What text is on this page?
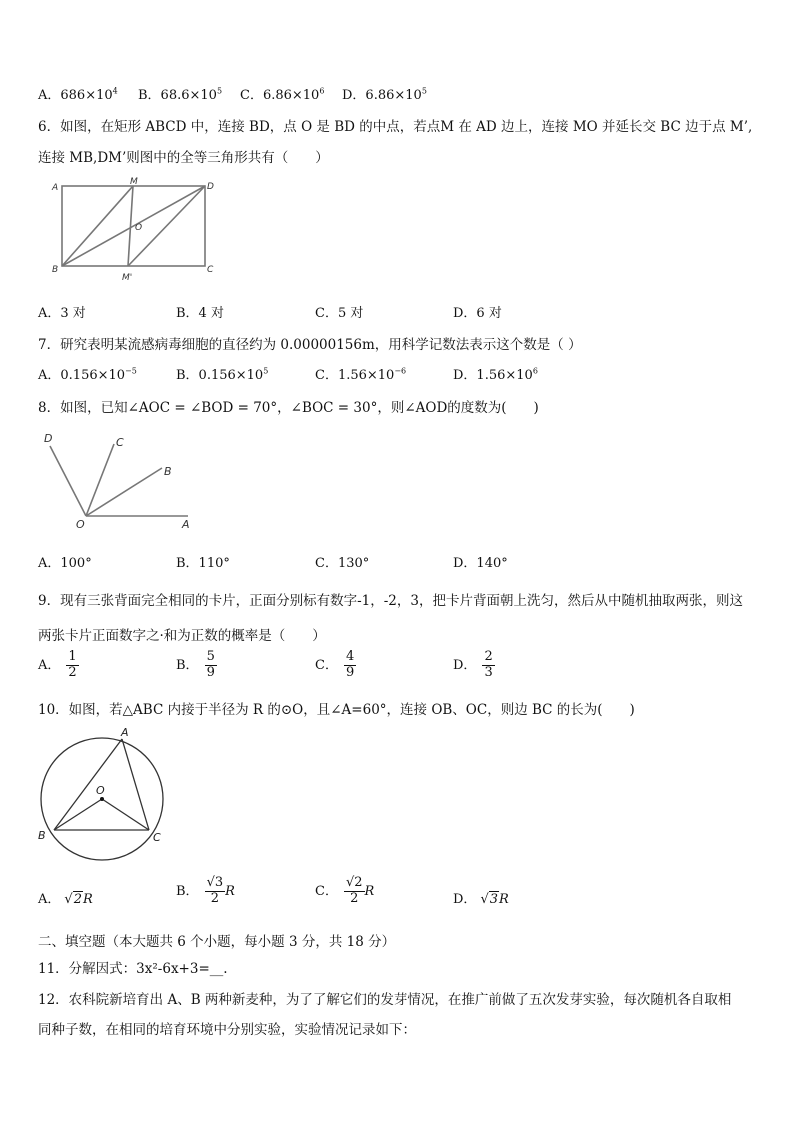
A．$686\times 10^4$ B．$68.6\times 10^5$ C．$6.86\times 10^6$ D．$6.86\times 10^5$
6．如图，在矩形 ABCD 中，连接 BD，点 O 是 BD 的中点，若点M 在 AD 边上，连接 MO 并延长交 BC 边于点 M’,
连接 MB,DM’则图中的全等三角形共有（　　）
A
M	D
O
B
M'
C
A．3 对	B．4 对	C．5 对	D．6 对
7．研究表明某流感病毒细胞的直径约为 0.00000156m，用科学记数法表示这个数是（ ）
A．$0.156\times 10^{-5}$	B．$0.156\times 10^5$	C．$1.56\times 10^{-6}$	D．$1.56\times 10^6$
8．如图，已知∠AOC = ∠BOD = 70°，∠BOC = 30°，则∠AOD的度数为(　　)
D	C
B
O	A
A．100°	B．110°	C．130°	D．140°
9．现有三张背面完全相同的卡片，正面分别标有数字-1，-2，3，把卡片背面朝上洗匀，然后从中随机抽取两张，则这
两张卡片正面数字之·和为正数的概率是（　　）
A． $\frac{1}{2}$	B． $\frac{5}{9}$	C． $\frac{4}{9}$	D． $\frac{2}{3}$
10．如图，若△ABC 内接于半径为 R 的⊙O，且∠A=60°，连接 OB、OC，则边 BC 的长为(　　)
A
O
B	C
A． √2R
B． $\frac{√3}{2}$ R	C． $\frac{√2}{2}$ R
D． √3R
二、填空题（本大题共 6 个小题，每小题 3 分，共 18 分）
11．分解因式：3x²-6x+3=__.
12．农科院新培育出 A、B 两种新麦种，为了了解它们的发芽情况，在推广前做了五次发芽实验，每次随机各自取相
同种子数，在相同的培育环境中分别实验，实验情况记录如下：
